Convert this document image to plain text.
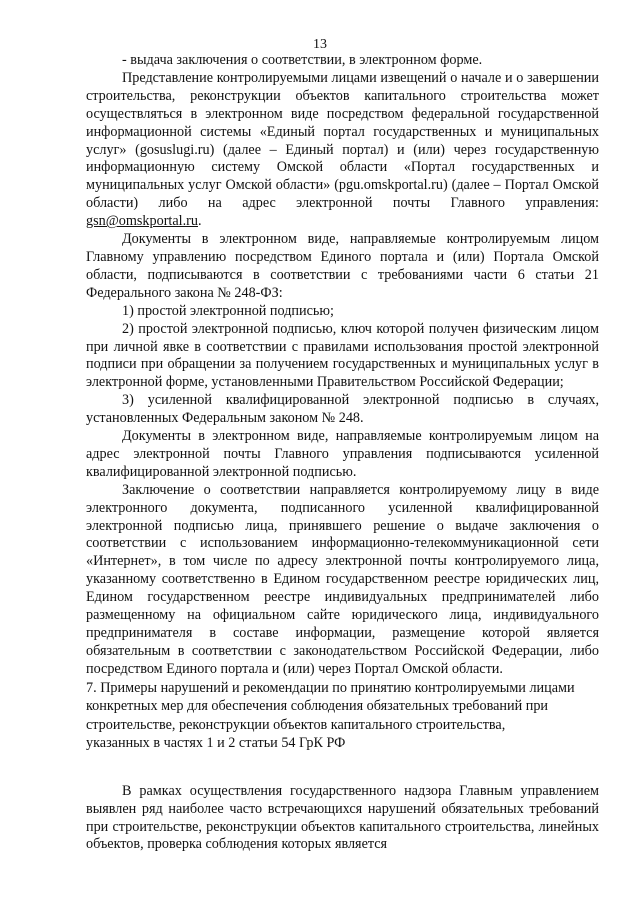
13

- выдача заключения о соответствии, в электронном форме.

Представление контролируемыми лицами извещений о начале и о завершении строительства, реконструкции объектов капитального строительства может осуществляться в электронном виде посредством федеральной государственной информационной системы «Единый портал государственных и муниципальных услуг» (gosuslugi.ru) (далее – Единый портал) и (или) через государственную информационную систему Омской области «Портал государственных и муниципальных услуг Омской области» (pgu.omskportal.ru) (далее – Портал Омской области) либо на адрес электронной почты Главного управления: gsn@omskportal.ru.

Документы в электронном виде, направляемые контролируемым лицом Главному управлению посредством Единого портала и (или) Портала Омской области, подписываются в соответствии с требованиями части 6 статьи 21 Федерального закона № 248-ФЗ:

1) простой электронной подписью;

2) простой электронной подписью, ключ которой получен физическим лицом при личной явке в соответствии с правилами использования простой электронной подписи при обращении за получением государственных и муниципальных услуг в электронной форме, установленными Правительством Российской Федерации;

3) усиленной квалифицированной электронной подписью в случаях, установленных Федеральным законом № 248.

Документы в электронном виде, направляемые контролируемым лицом на адрес электронной почты Главного управления подписываются усиленной квалифицированной электронной подписью.

Заключение о соответствии направляется контролируемому лицу в виде электронного документа, подписанного усиленной квалифицированной электронной подписью лица, принявшего решение о выдаче заключения о соответствии с использованием информационно-телекоммуникационной сети «Интернет», в том числе по адресу электронной почты контролируемого лица, указанному соответственно в Едином государственном реестре юридических лиц, Едином государственном реестре индивидуальных предпринимателей либо размещенному на официальном сайте юридического лица, индивидуального предпринимателя в составе информации, размещение которой является обязательным в соответствии с законодательством Российской Федерации, либо посредством Единого портала и (или) через Портал Омской области.

7. Примеры нарушений и рекомендации по принятию контролируемыми лицами
конкретных мер для обеспечения соблюдения обязательных требований при
строительстве, реконструкции объектов капитального строительства,
указанных в частях 1 и 2 статьи 54 ГрК РФ

В рамках осуществления государственного надзора Главным управлением выявлен ряд наиболее часто встречающихся нарушений обязательных требований при строительстве, реконструкции объектов капитального строительства, линейных объектов, проверка соблюдения которых является
